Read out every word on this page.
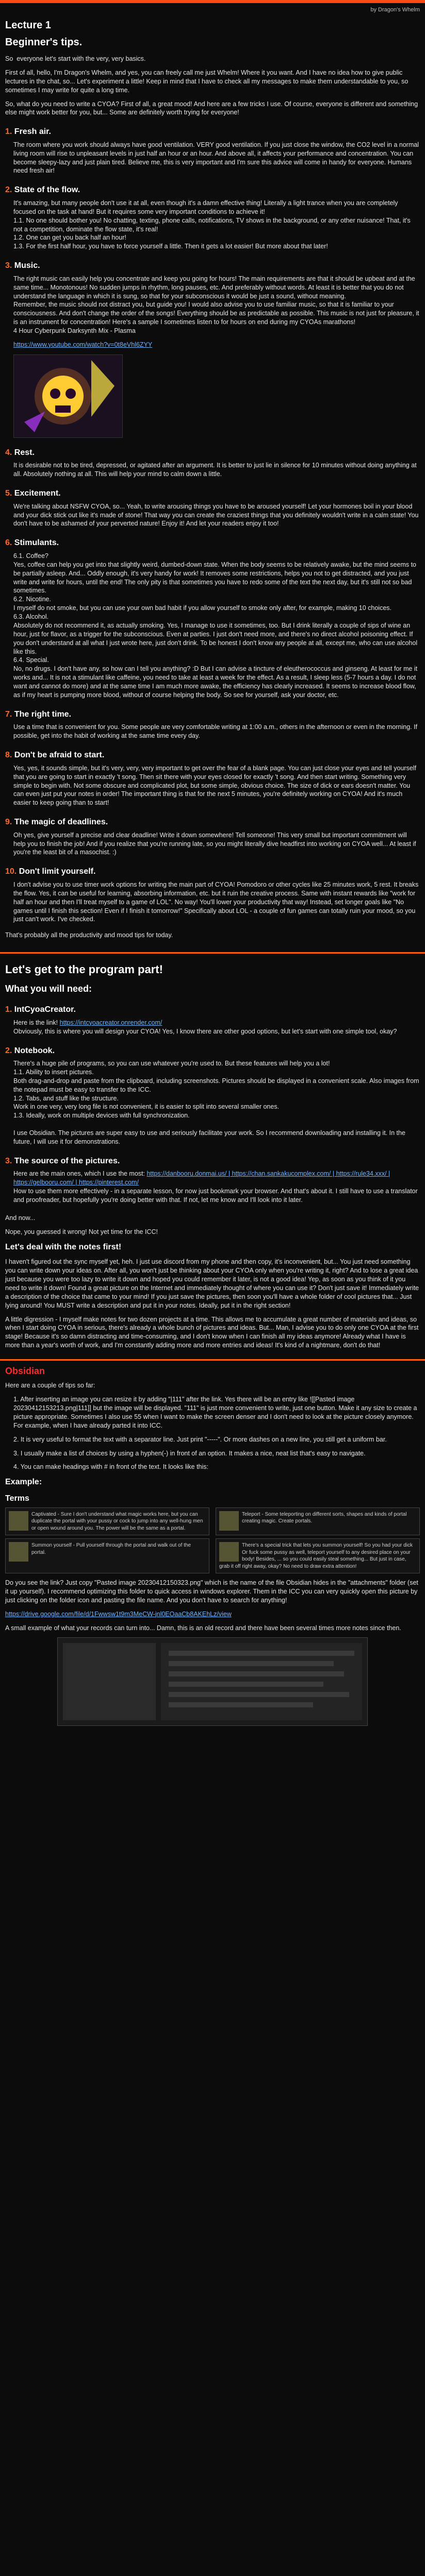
by Dragon's Whelm
Lecture 1
Beginner's tips.
So  everyone let's start with the very, very basics.
First of all, hello, I'm Dragon's Whelm, and yes, you can freely call me just Whelm! Where it you want. And I have no idea how to give public lectures in the chat, so... Let's experiment a little! Keep in mind that I have to check all my messages to make them understandable to you, so sometimes I may write for quite a long time.
So, what do you need to write a CYOA? First of all, a great mood! And here are a few tricks I use. Of course, everyone is different and something else might work better for you, but... Some are definitely worth trying for everyone!
1. Fresh air.
The room where you work should always have good ventilation. VERY good ventilation. If you just close the window, the CO2 level in a normal living room will rise to unpleasant levels in just half an hour or an hour. And above all, it affects your performance and concentration. You can become sleepy-lazy and just plain tired. Believe me, this is very important and I'm sure this advice will come in handy for everyone. Humans need fresh air!
2. State of the flow.
It's amazing, but many people don't use it at all, even though it's a damn effective thing! Literally a light trance when you are completely focused on the task at hand! But it requires some very important conditions to achieve it!
1.1. No one should bother you! No chatting, texting, phone calls, notifications, TV shows in the background, or any other nuisance! That, it's not a competition, dominate the flow state, it's real!
1.2. One can get you back half an hour!
1.3. For the first half hour, you have to force yourself a little. Then it gets a lot easier! But more about that later!
3. Music.
The right music can easily help you concentrate and keep you going for hours! The main requirements are that it should be upbeat and at the same time... Monotonous! No sudden jumps in rhythm, long pauses, etc. And preferably without words. At least it is better that you do not understand the language in which it is sung, so that for your subconscious it would be just a sound, without meaning.
Remember, the music should not distract you, but guide you! I would also advise you to use familiar music, so that it is familiar to your consciousness. And don't change the order of the songs! Everything should be as predictable as possible. This music is not just for pleasure, it is an instrument for concentration! Here's a sample I sometimes listen to for hours on end during my CYOAs marathons!
4 Hour Cyberpunk Darksynth Mix - Plasma
https://www.youtube.com/watch?v=0t8eVhl6ZYY
4. Rest.
It is desirable not to be tired, depressed, or agitated after an argument. It is better to just lie in silence for 10 minutes without doing anything at all. Absolutely nothing at all. This will help your mind to calm down a little.
5. Excitement.
We're talking about NSFW CYOA, so... Yeah, to write arousing things you have to be aroused yourself! Let your hormones boil in your blood and your dick stick out like it's made of stone! That way you can create the craziest things that you definitely wouldn't write in a calm state! You don't have to be ashamed of your perverted nature! Enjoy it! And let your readers enjoy it too!
6. Stimulants.
6.1. Coffee?
Yes, coffee can help you get into that slightly weird, dumbed-down state. When the body seems to be relatively awake, but the mind seems to be partially asleep. And... Oddly enough, it's very handy for work! It removes some restrictions, helps you not to get distracted, and you just write and write for hours, until the end! The only pity is that sometimes you have to redo some of the text the next day, but it's still not so bad sometimes.
6.2. Nicotine.
I myself do not smoke, but you can use your own bad habit if you allow yourself to smoke only after, for example, making 10 choices.
6.3. Alcohol.
Absolutely do not recommend it, as actually smoking. Yes, I manage to use it sometimes, too. But I drink literally a couple of sips of wine an hour, just for flavor, as a trigger for the subconscious. Even at parties. I just don't need more, and there's no direct alcohol poisoning effect. If you don't understand at all what I just wrote here, just don't drink. To be honest I don't know any people at all, except me, who can use alcohol like this.
6.4. Special.
No, no drugs. I don't have any, so how can I tell you anything? :D But I can advise a tincture of eleutherococcus and ginseng. At least for me it works and... It is not a stimulant like caffeine, you need to take at least a week for the effect. As a result, I sleep less (5-7 hours a day. I do not want and cannot do more) and at the same time I am much more awake, the efficiency has clearly increased. It seems to increase blood flow, as if my heart is pumping more blood, without of course helping the body. So see for yourself, ask your doctor, etc.
7. The right time.
Use a time that is convenient for you. Some people are very comfortable writing at 1:00 a.m., others in the afternoon or even in the morning. If possible, get into the habit of working at the same time every day.
8. Don't be afraid to start.
Yes, yes, it sounds simple, but it's very, very, very important to get over the fear of a blank page. You can just close your eyes and tell yourself that you are going to start in exactly 't song. Then sit there with your eyes closed for exactly 't song. And then start writing. Something very simple to begin with. Not some obscure and complicated plot, but some simple, obvious choice. The size of dick or ears doesn't matter. You can even just put your notes in order! The important thing is that for the next 5 minutes, you're definitely working on CYOA! And it's much easier to keep going than to start!
9. The magic of deadlines.
Oh yes, give yourself a precise and clear deadline! Write it down somewhere! Tell someone! This very small but important commitment will help you to finish the job! And if you realize that you're running late, so you might literally dive headfirst into working on CYOA well... At least if you're the least bit of a masochist. :)
10. Don't limit yourself.
I don't advise you to use timer work options for writing the main part of CYOA! Pomodoro or other cycles like 25 minutes work, 5 rest. It breaks the flow. Yes, it can be useful for learning, absorbing information, etc. but it ruin the creative process. Same with instant rewards like "work for half an hour and then I'll treat myself to a game of LOL". No way! You'll lower your productivity that way! Instead, set longer goals like "No games until I finish this section! Even if I finish it tomorrow!" Specifically about LOL - a couple of fun games can totally ruin your mood, so you just can't work. I've checked.
That's probably all the productivity and mood tips for today.
Let's get to the program part!
What you will need:
1. IntCyoaCreator.
Here is the link! https://intcyoacreator.onrender.com/
Obviously, this is where you will design your CYOA! Yes, I know there are other good options, but let's start with one simple tool, okay?
2. Notebook.
There's a huge pile of programs, so you can use whatever you're used to. But these features will help you a lot!
1.1. Ability to insert pictures.
Both drag-and-drop and paste from the clipboard, including screenshots. Pictures should be displayed in a convenient scale. Also images from the notepad must be easy to transfer to the ICC.
1.2. Tabs, and stuff like the structure.
Work in one very, very long file is not convenient, it is easier to split into several smaller ones.
1.3. Ideally, work on multiple devices with full synchronization.

I use Obsidian. The pictures are super easy to use and seriously facilitate your work. So I recommend downloading and installing it. In the future, I will use it for demonstrations.
3. The source of the pictures.
Here are the main ones, which I use the most: https://danbooru.donmai.us/ | https://chan.sankakucomplex.com/ | https://rule34.xxx/ | https://gelbooru.com/ | https://pinterest.com/
How to use them more effectively - in a separate lesson, for now just bookmark your browser. And that's about it. I still have to use a translator and proofreader, but hopefully you're doing better with that. If not, let me know and I'll look into it later.
And now...
Nope, you guessed it wrong! Not yet time for the ICC!
Let's deal with the notes first!
I haven't figured out the sync myself yet, heh. I just use discord from my phone and then copy, it's inconvenient, but... You just need something you can write down your ideas on. After all, you won't just be thinking about your CYOA only when you're writing it, right? And to lose a great idea just because you were too lazy to write it down and hoped you could remember it later, is not a good idea! Yep, as soon as you think of it you need to write it down! Found a great picture on the Internet and immediately thought of where you can use it? Don't just save it! Immediately write a description of the choice that came to your mind! If you just save the pictures, then soon you'll have a whole folder of cool pictures that... Just lying around! You MUST write a description and put it in your notes. Ideally, put it in the right section!
A little digression - I myself make notes for two dozen projects at a time. This allows me to accumulate a great number of materials and ideas, so when I start doing CYOA in serious, there's already a whole bunch of pictures and ideas. But... Man, I advise you to do only one CYOA at the first stage! Because it's so damn distracting and time-consuming, and I don't know when I can finish all my ideas anymore! Already what I have is more than a year's worth of work, and I'm constantly adding more and more entries and ideas! It's kind of a nightmare, don't do that!
Obsidian
Here are a couple of tips so far:
1. After inserting an image you can resize it by adding "|111" after the link. Yes there will be an entry like ![[Pasted image 20230412153213.png|111]] but the image will be displayed. "111" is just more convenient to write, just one button. Make it any size to create a picture appropriate. Sometimes I also use 55 when I want to make the screen denser and I don't need to look at the picture closely anymore. For example, when I have already parted it into ICC.
2. It is very useful to format the text with a separator line. Just print "-----". Or more dashes on a new line, you still get a uniform bar.
3. I usually make a list of choices by using a hyphen(-) in front of an option. It makes a nice, neat list that's easy to navigate.
4. You can make headings with # in front of the text. It looks like this:
Example:
Terms
Captivated - Sure I don't understand what magic works here, but you can duplicate the portal with your pussy or cock to jump into any well-hung men or open wound around you. The power will be the same as a portal.
Teleport - Some teleporting on different sorts, shapes and kinds of portal creating magic. Create portals.
Summon yourself - Pull yourself through the portal and walk out of the portal.
There's a special trick that lets you summon yourself! So you had your dick Or fuck some pussy as well, teleport yourself to any desired place on your body! Besides, ... so you could easily steal something... But just in case, grab it off right away, okay? No need to draw extra attention!
Do you see the link? Just copy "Pasted image 20230412150323.png" which is the name of the file Obsidian hides in the "attachments" folder (set it up yourself). I recommend optimizing this folder to quick access in windows explorer. Them in the ICC you can very quickly open this picture by just clicking on the folder icon and pasting the file name. And you don't have to search for anything!
https://drive.google.com/file/d/1Fwwsw1t9m3MeCW-jnl0EOaaCb8AKEhLz/view
A small example of what your records can turn into... Damn, this is an old record and there have been several times more notes since then.
